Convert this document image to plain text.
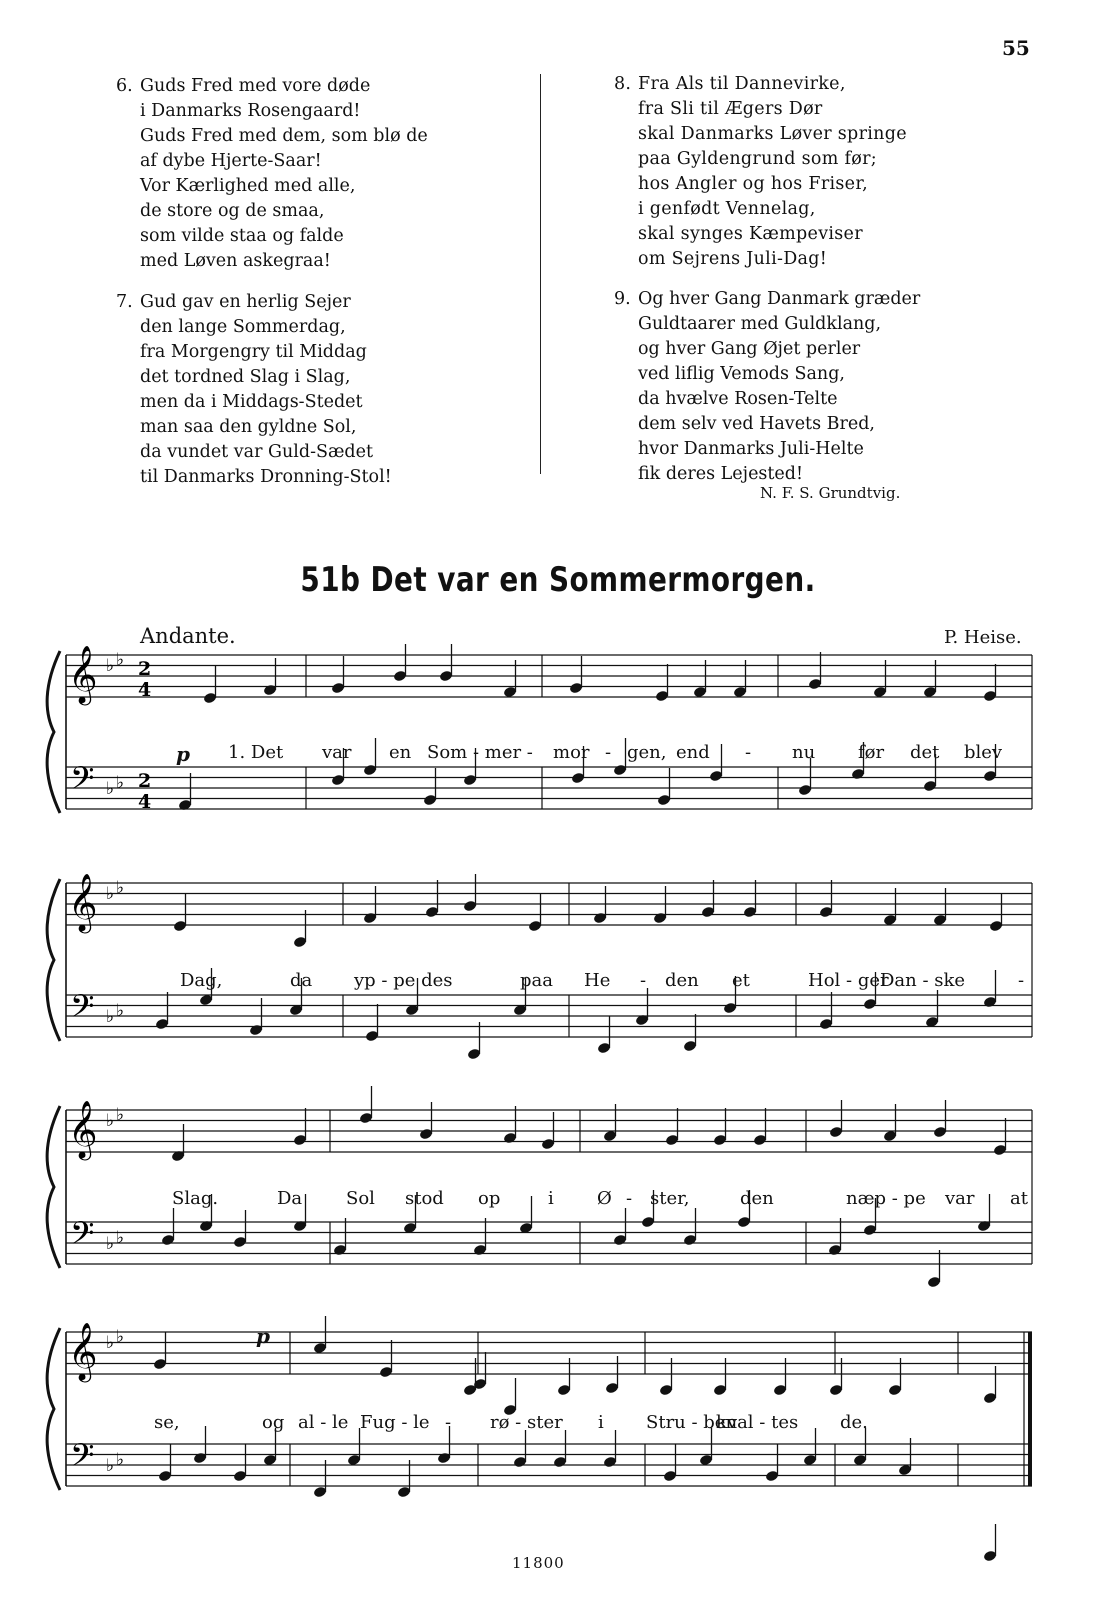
55
6. Guds Fred med vore døde
i Danmarks Rosengaard!
Guds Fred med dem, som blø de
af dybe Hjerte-Saar!
Vor Kærlighed med alle,
de store og de smaa,
som vilde staa og falde
med Løven askegraa!
7. Gud gav en herlig Sejer
den lange Sommerdag,
fra Morgengry til Middag
det tordned Slag i Slag,
men da i Middags-Stedet
man saa den gyldne Sol,
da vundet var Guld-Sædet
til Danmarks Dronning-Stol!
8. Fra Als til Dannevirke,
fra Sli til Ægers Dør
skal Danmarks Løver springe
paa Gyldengrund som før;
hos Angler og hos Friser,
i genfødt Vennelag,
skal synges Kæmpeviser
om Sejrens Juli-Dag!
9. Og hver Gang Danmark græder
Guldtaarer med Guldklang,
og hver Gang Øjet perler
ved liflig Vemods Sang,
da hvælve Rosen-Telte
dem selv ved Havets Bred,
hvor Danmarks Juli-Helte
fik deres Lejested!
N. F. S. Grundtvig.
51b Det var en Sommermorgen.
Andante.	P. Heise.
𝄞
𝄢
♭ ♭
♭ ♭
𝄞
𝄢
♭ ♭
♭ ♭
𝄞
𝄢
♭ ♭
♭ ♭
𝄞
𝄢
♭ ♭
♭ ♭
2
4
2
4
p
p
1. Det var en Som - mer - mor - gen, end - nu før det blev
Dag,	da yp - pe des	paa He - den et	Hol - ger
Dan - ske	-
Slag.	Da Sol stod op	i Ø - ster,	den	næp - pe var at
se,	og al - le Fug - le - rø - ster i Stru - ben
kval - tes de.
11800
